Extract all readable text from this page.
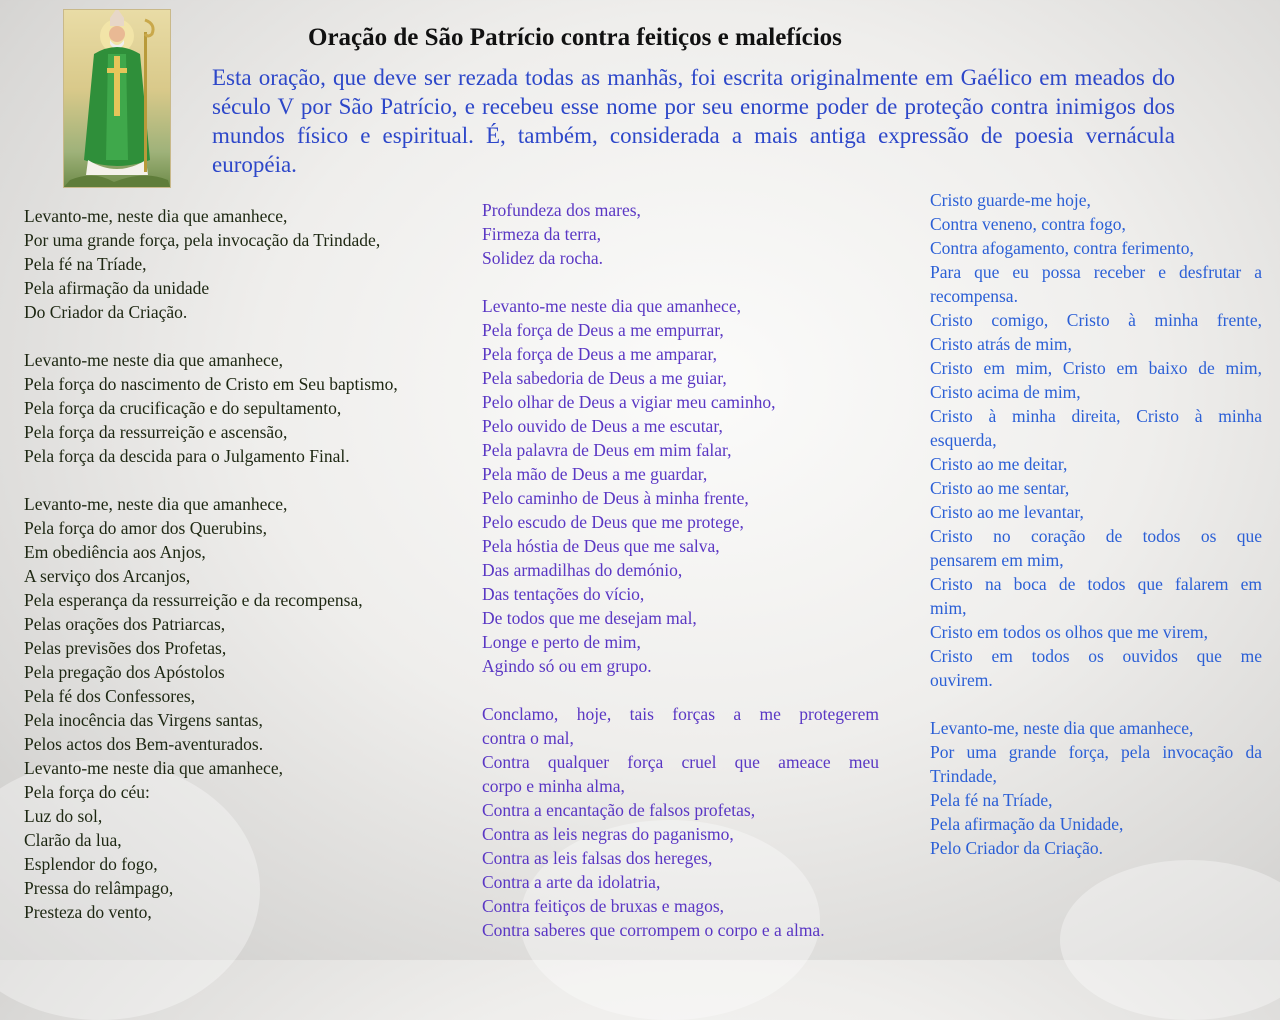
Oração de São Patrício contra feitiços e malefícios

Esta oração, que deve ser rezada todas as manhãs, foi escrita originalmente em Gaélico em meados do século V por São Patrício, e recebeu esse nome por seu enorme poder de proteção contra inimigos dos mundos físico e espiritual. É, também, considerada a mais antiga expressão de poesia vernácula européia.

Levanto-me, neste dia que amanhece,
Por uma grande força, pela invocação da Trindade,
Pela fé na Tríade,
Pela afirmação da unidade
Do Criador da Criação.
Levanto-me neste dia que amanhece,
Pela força do nascimento de Cristo em Seu baptismo,
Pela força da crucificação e do sepultamento,
Pela força da ressurreição e ascensão,
Pela força da descida para o Julgamento Final.
Levanto-me, neste dia que amanhece,
Pela força do amor dos Querubins,
Em obediência aos Anjos,
A serviço dos Arcanjos,
Pela esperança da ressurreição e da recompensa,
Pelas orações dos Patriarcas,
Pelas previsões dos Profetas,
Pela pregação dos Apóstolos
Pela fé dos Confessores,
Pela inocência das Virgens santas,
Pelos actos dos Bem-aventurados.
Levanto-me neste dia que amanhece,
Pela força do céu:
Luz do sol,
Clarão da lua,
Esplendor do fogo,
Pressa do relâmpago,
Presteza do vento,
Profundeza dos mares,
Firmeza da terra,
Solidez da rocha.
Levanto-me neste dia que amanhece,
Pela força de Deus a me empurrar,
Pela força de Deus a me amparar,
Pela sabedoria de Deus a me guiar,
Pelo olhar de Deus a vigiar meu caminho,
Pelo ouvido de Deus a me escutar,
Pela palavra de Deus em mim falar,
Pela mão de Deus a me guardar,
Pelo caminho de Deus à minha frente,
Pelo escudo de Deus que me protege,
Pela hóstia de Deus que me salva,
Das armadilhas do demónio,
Das tentações do vício,
De todos que me desejam mal,
Longe e perto de mim,
Agindo só ou em grupo.
Conclamo, hoje, tais forças a me protegerem
contra o mal,
Contra qualquer força cruel que ameace meu
corpo e minha alma,
Contra a encantação de falsos profetas,
Contra as leis negras do paganismo,
Contra as leis falsas dos hereges,
Contra a arte da idolatria,
Contra feitiços de bruxas e magos,
Contra saberes que corrompem o corpo e a alma.
Cristo guarde-me hoje,
Contra veneno, contra fogo,
Contra afogamento, contra ferimento,
Para que eu possa receber e desfrutar a
recompensa.
Cristo comigo, Cristo à minha frente,
Cristo atrás de mim,
Cristo em mim, Cristo em baixo de mim,
Cristo acima de mim,
Cristo à minha direita, Cristo à minha
esquerda,
Cristo ao me deitar,
Cristo ao me sentar,
Cristo ao me levantar,
Cristo no coração de todos os que
pensarem em mim,
Cristo na boca de todos que falarem em
mim,
Cristo em todos os olhos que me virem,
Cristo em todos os ouvidos que me
ouvirem.
Levanto-me, neste dia que amanhece,
Por uma grande força, pela invocação da
Trindade,
Pela fé na Tríade,
Pela afirmação da Unidade,
Pelo Criador da Criação.
